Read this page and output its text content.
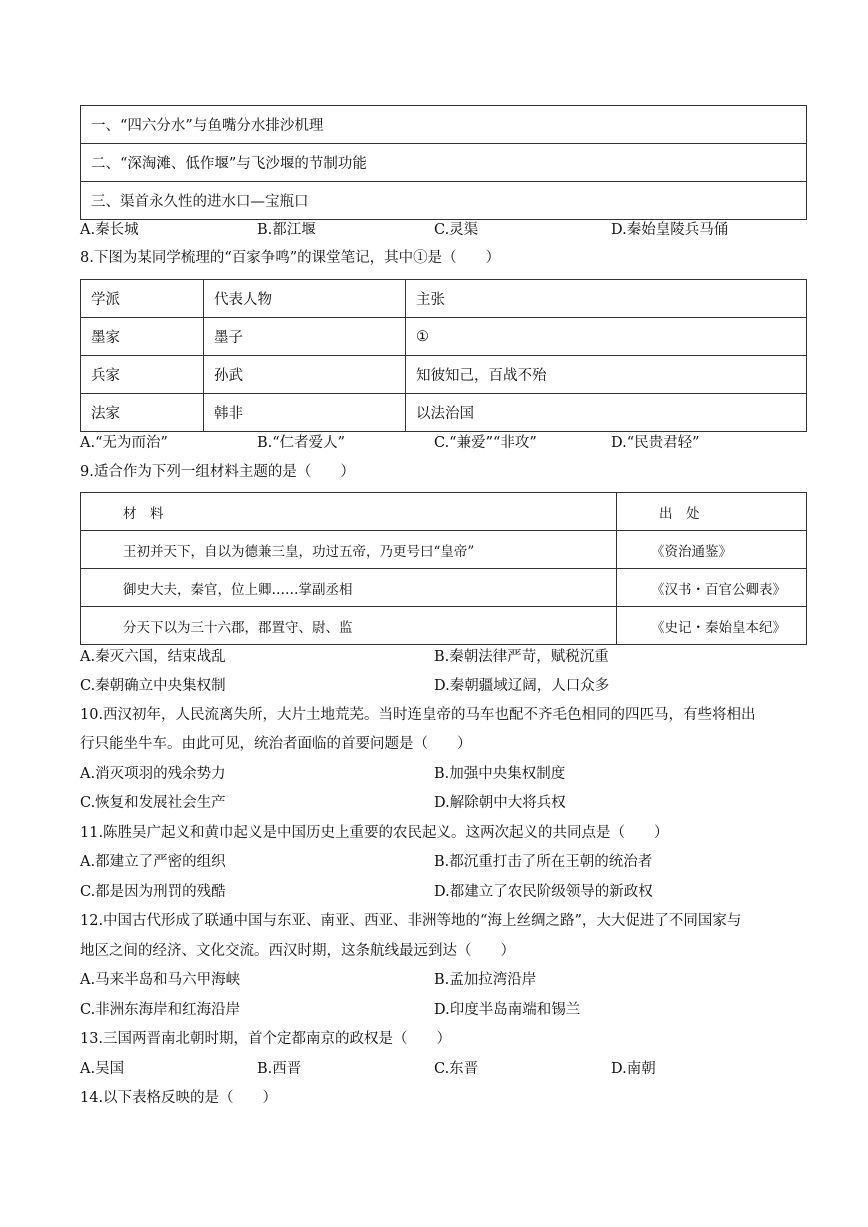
一、“四六分水”与鱼嘴分水排沙机理
二、“深淘滩、低作堰”与飞沙堰的节制功能
三、渠首永久性的进水口—宝瓶口
A.秦长城	B.都江堰	C.灵渠	D.秦始皇陵兵马俑
8.下图为某同学梳理的“百家争鸣”的课堂笔记，其中①是（　　）
学派	代表人物	主张
墨家	墨子	①
兵家	孙武	知彼知己，百战不殆
法家	韩非	以法治国
A.“无为而治”	B.“仁者爱人”	C.“兼爱”“非攻”	D.“民贵君轻”
9.适合作为下列一组材料主题的是（　　）
材　料	出　处
王初并天下，自以为德兼三皇，功过五帝，乃更号曰“皇帝”	《资治通鉴》
御史大夫，秦官，位上卿……掌副丞相	《汉书・百官公卿表》
分天下以为三十六郡，郡置守、尉、监	《史记・秦始皇本纪》
A.秦灭六国，结束战乱	B.秦朝法律严苛，赋税沉重
C.秦朝确立中央集权制	D.秦朝疆域辽阔，人口众多
10.西汉初年，人民流离失所，大片土地荒芜。当时连皇帝的马车也配不齐毛色相同的四匹马，有些将相出
行只能坐牛车。由此可见，统治者面临的首要问题是（　　）
A.消灭项羽的残余势力	B.加强中央集权制度
C.恢复和发展社会生产	D.解除朝中大将兵权
11.陈胜吴广起义和黄巾起义是中国历史上重要的农民起义。这两次起义的共同点是（　　）
A.都建立了严密的组织	B.都沉重打击了所在王朝的统治者
C.都是因为刑罚的残酷	D.都建立了农民阶级领导的新政权
12.中国古代形成了联通中国与东亚、南亚、西亚、非洲等地的“海上丝绸之路”，大大促进了不同国家与
地区之间的经济、文化交流。西汉时期，这条航线最远到达（　　）
A.马来半岛和马六甲海峡	B.孟加拉湾沿岸
C.非洲东海岸和红海沿岸	D.印度半岛南端和锡兰
13.三国两晋南北朝时期，首个定都南京的政权是（　　）
A.吴国	B.西晋	C.东晋	D.南朝
14.以下表格反映的是（　　）
